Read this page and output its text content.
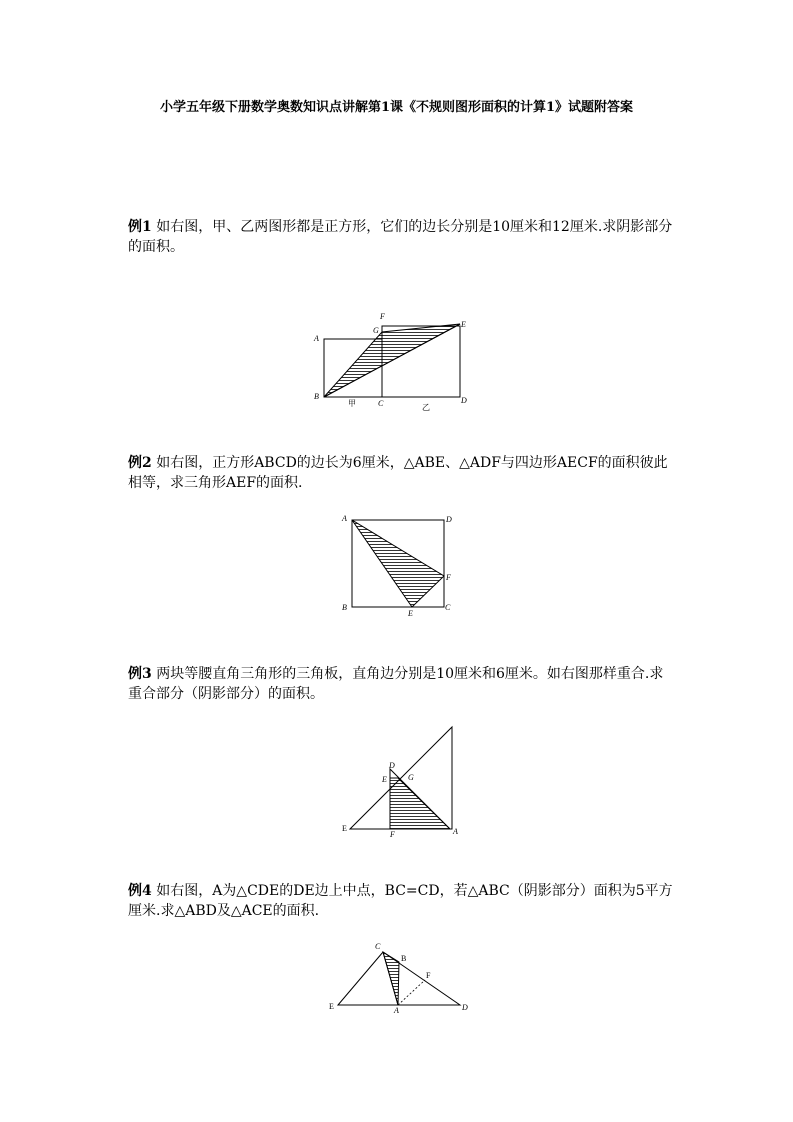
小学五年级下册数学奥数知识点讲解第1课《不规则图形面积的计算1》试题附答案
例1 如右图，甲、乙两图形都是正方形，它们的边长分别是10厘米和12厘米.求阴影部分的面积。
A
B
C	D
E
F
G
甲	乙
例2 如右图，正方形ABCD的边长为6厘米，△ABE、△ADF与四边形AECF的面积彼此相等，求三角形AEF的面积.
A	D
F
C
E
B
例3 两块等腰直角三角形的三角板，直角边分别是10厘米和6厘米。如右图那样重合.求重合部分（阴影部分）的面积。
D
E	G
E
F	A
例4 如右图，A为△CDE的DE边上中点，BC=CD，若△ABC（阴影部分）面积为5平方厘米.求△ABD及△ACE的面积.
C
B
F
E	A	D
